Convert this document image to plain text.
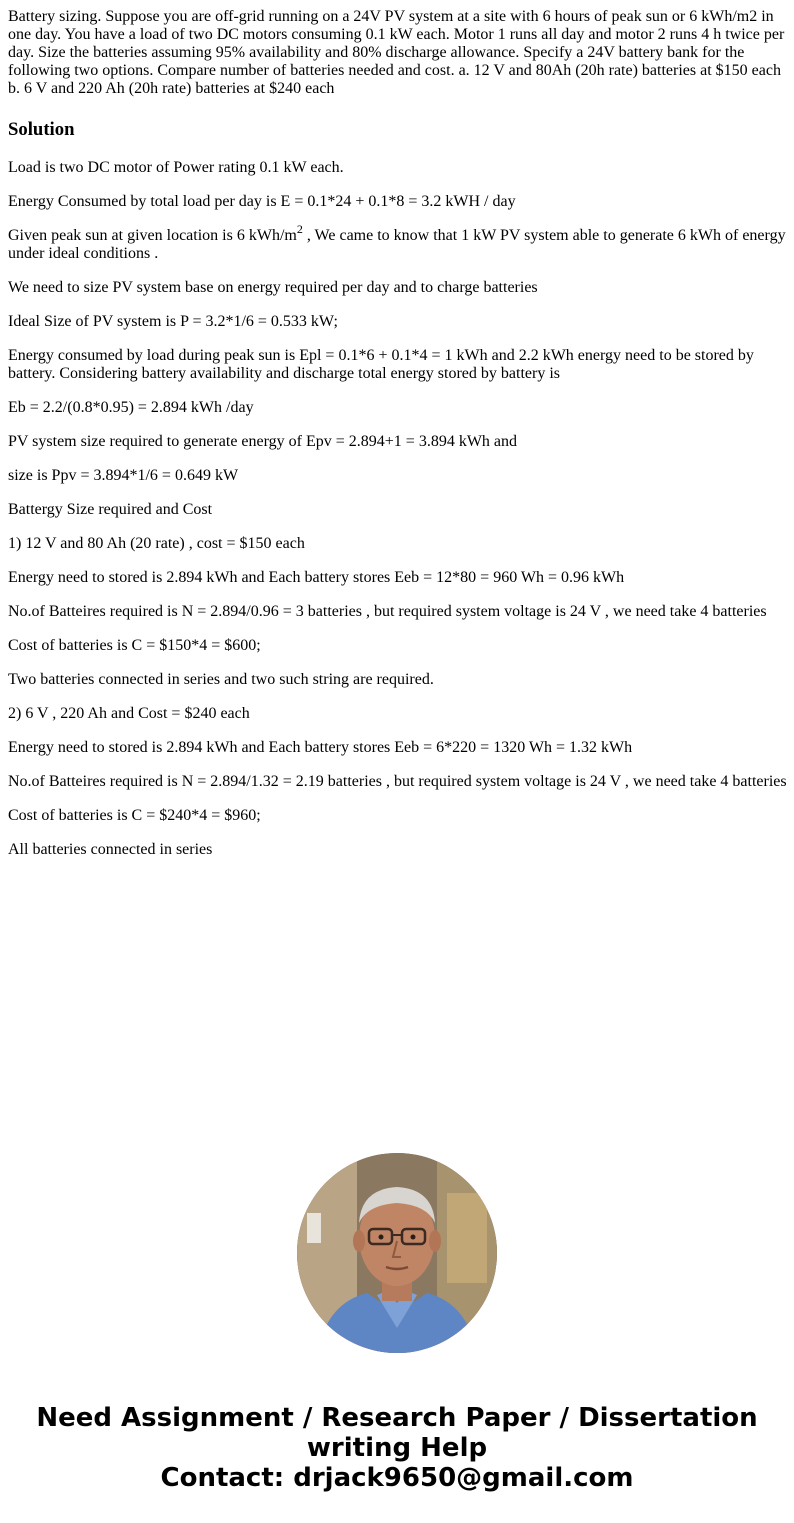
Battery sizing. Suppose you are off-grid running on a 24V PV system at a site with 6 hours of peak sun or 6 kWh/m2 in one day. You have a load of two DC motors consuming 0.1 kW each. Motor 1 runs all day and motor 2 runs 4 h twice per day. Size the batteries assuming 95% availability and 80% discharge allowance. Specify a 24V battery bank for the following two options. Compare number of batteries needed and cost. a. 12 V and 80Ah (20h rate) batteries at $150 each b. 6 V and 220 Ah (20h rate) batteries at $240 each
Solution

Load is two DC motor of Power rating 0.1 kW each.

Energy Consumed by total load per day is E = 0.1*24 + 0.1*8 = 3.2 kWH / day

Given peak sun at given location is 6 kWh/$m^2$ , We came to know that 1 kW PV system able to generate 6 kWh of energy under ideal conditions .

We need to size PV system base on energy required per day and to charge batteries

Ideal Size of PV system is P = 3.2*1/6 = 0.533 kW;

Energy consumed by load during peak sun is Epl = 0.1*6 + 0.1*4 = 1 kWh and 2.2 kWh energy need to be stored by battery. Considering battery availability and discharge total energy stored by battery is

Eb = 2.2/(0.8*0.95) = 2.894 kWh /day

PV system size required to generate energy of Epv = 2.894+1 = 3.894 kWh and

size is Ppv = 3.894*1/6 = 0.649 kW

Battergy Size required and Cost

1) 12 V and 80 Ah (20 rate) , cost = $150 each

Energy need to stored is 2.894 kWh and Each battery stores Eeb = 12*80 = 960 Wh = 0.96 kWh

No.of Batteires required is N = 2.894/0.96 = 3 batteries , but required system voltage is 24 V , we need take 4 batteries

Cost of batteries is C = $150*4 = $600;

Two batteries connected in series and two such string are required.

2) 6 V , 220 Ah and Cost = $240 each

Energy need to stored is 2.894 kWh and Each battery stores Eeb = 6*220 = 1320 Wh = 1.32 kWh

No.of Batteires required is N = 2.894/1.32 = 2.19 batteries , but required system voltage is 24 V , we need take 4 batteries

Cost of batteries is C = $240*4 = $960;

All batteries connected in series

Need Assignment / Research Paper / Dissertation
writing Help
Contact: drjack9650@gmail.com
